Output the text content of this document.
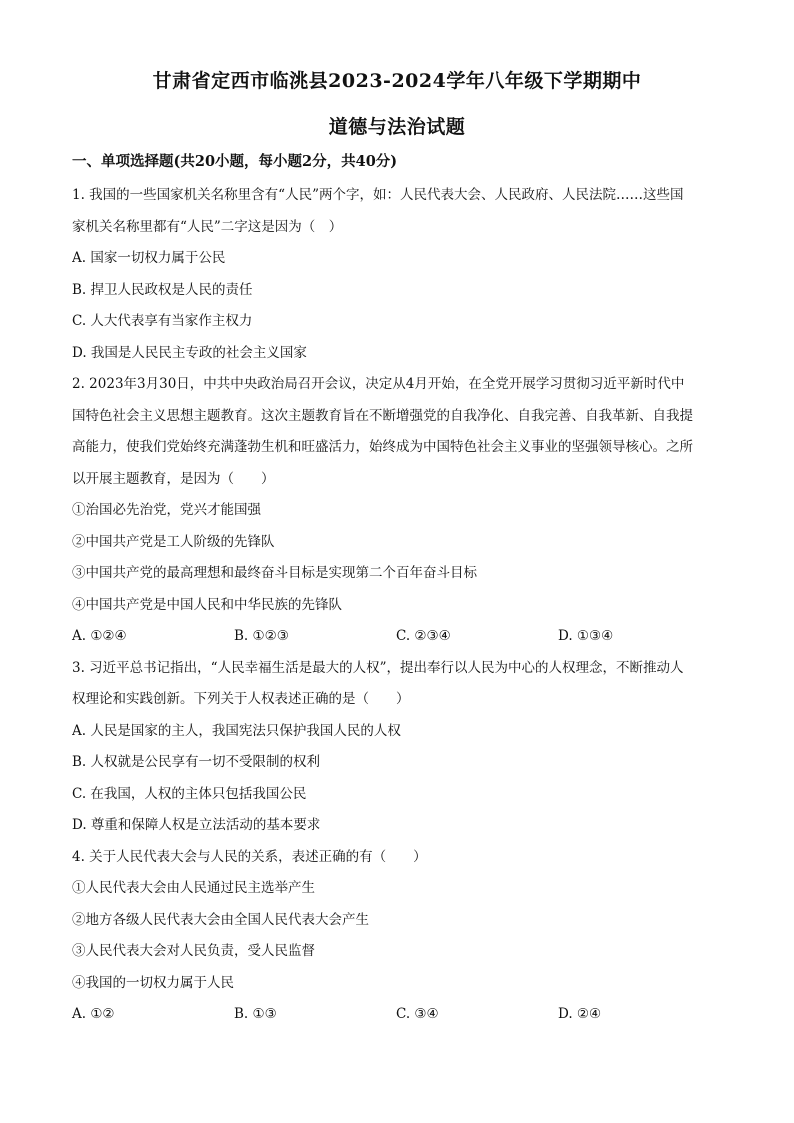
甘肃省定西市临洮县2023-2024学年八年级下学期期中
道德与法治试题
一、单项选择题(共20小题，每小题2分，共40分)
1. 我国的一些国家机关名称里含有“人民”两个字，如：人民代表大会、人民政府、人民法院……这些国
家机关名称里都有“人民”二字这是因为（　）
A. 国家一切权力属于公民
B. 捍卫人民政权是人民的责任
C. 人大代表享有当家作主权力
D. 我国是人民民主专政的社会主义国家
2. 2023年3月30日，中共中央政治局召开会议，决定从4月开始，在全党开展学习贯彻习近平新时代中
国特色社会主义思想主题教育。这次主题教育旨在不断增强党的自我净化、自我完善、自我革新、自我提
高能力，使我们党始终充满蓬勃生机和旺盛活力，始终成为中国特色社会主义事业的坚强领导核心。之所
以开展主题教育，是因为（　　）
①治国必先治党，党兴才能国强
②中国共产党是工人阶级的先锋队
③中国共产党的最高理想和最终奋斗目标是实现第二个百年奋斗目标
④中国共产党是中国人民和中华民族的先锋队
A. ①②④	B. ①②③	C. ②③④	D. ①③④
3. 习近平总书记指出，“人民幸福生活是最大的人权”，提出奉行以人民为中心的人权理念，不断推动人
权理论和实践创新。下列关于人权表述正确的是（　　）
A. 人民是国家的主人，我国宪法只保护我国人民的人权
B. 人权就是公民享有一切不受限制的权利
C. 在我国，人权的主体只包括我国公民
D. 尊重和保障人权是立法活动的基本要求
4. 关于人民代表大会与人民的关系，表述正确的有（　　）
①人民代表大会由人民通过民主选举产生
②地方各级人民代表大会由全国人民代表大会产生
③人民代表大会对人民负责，受人民监督
④我国的一切权力属于人民
A. ①②	B. ①③	C. ③④	D. ②④
